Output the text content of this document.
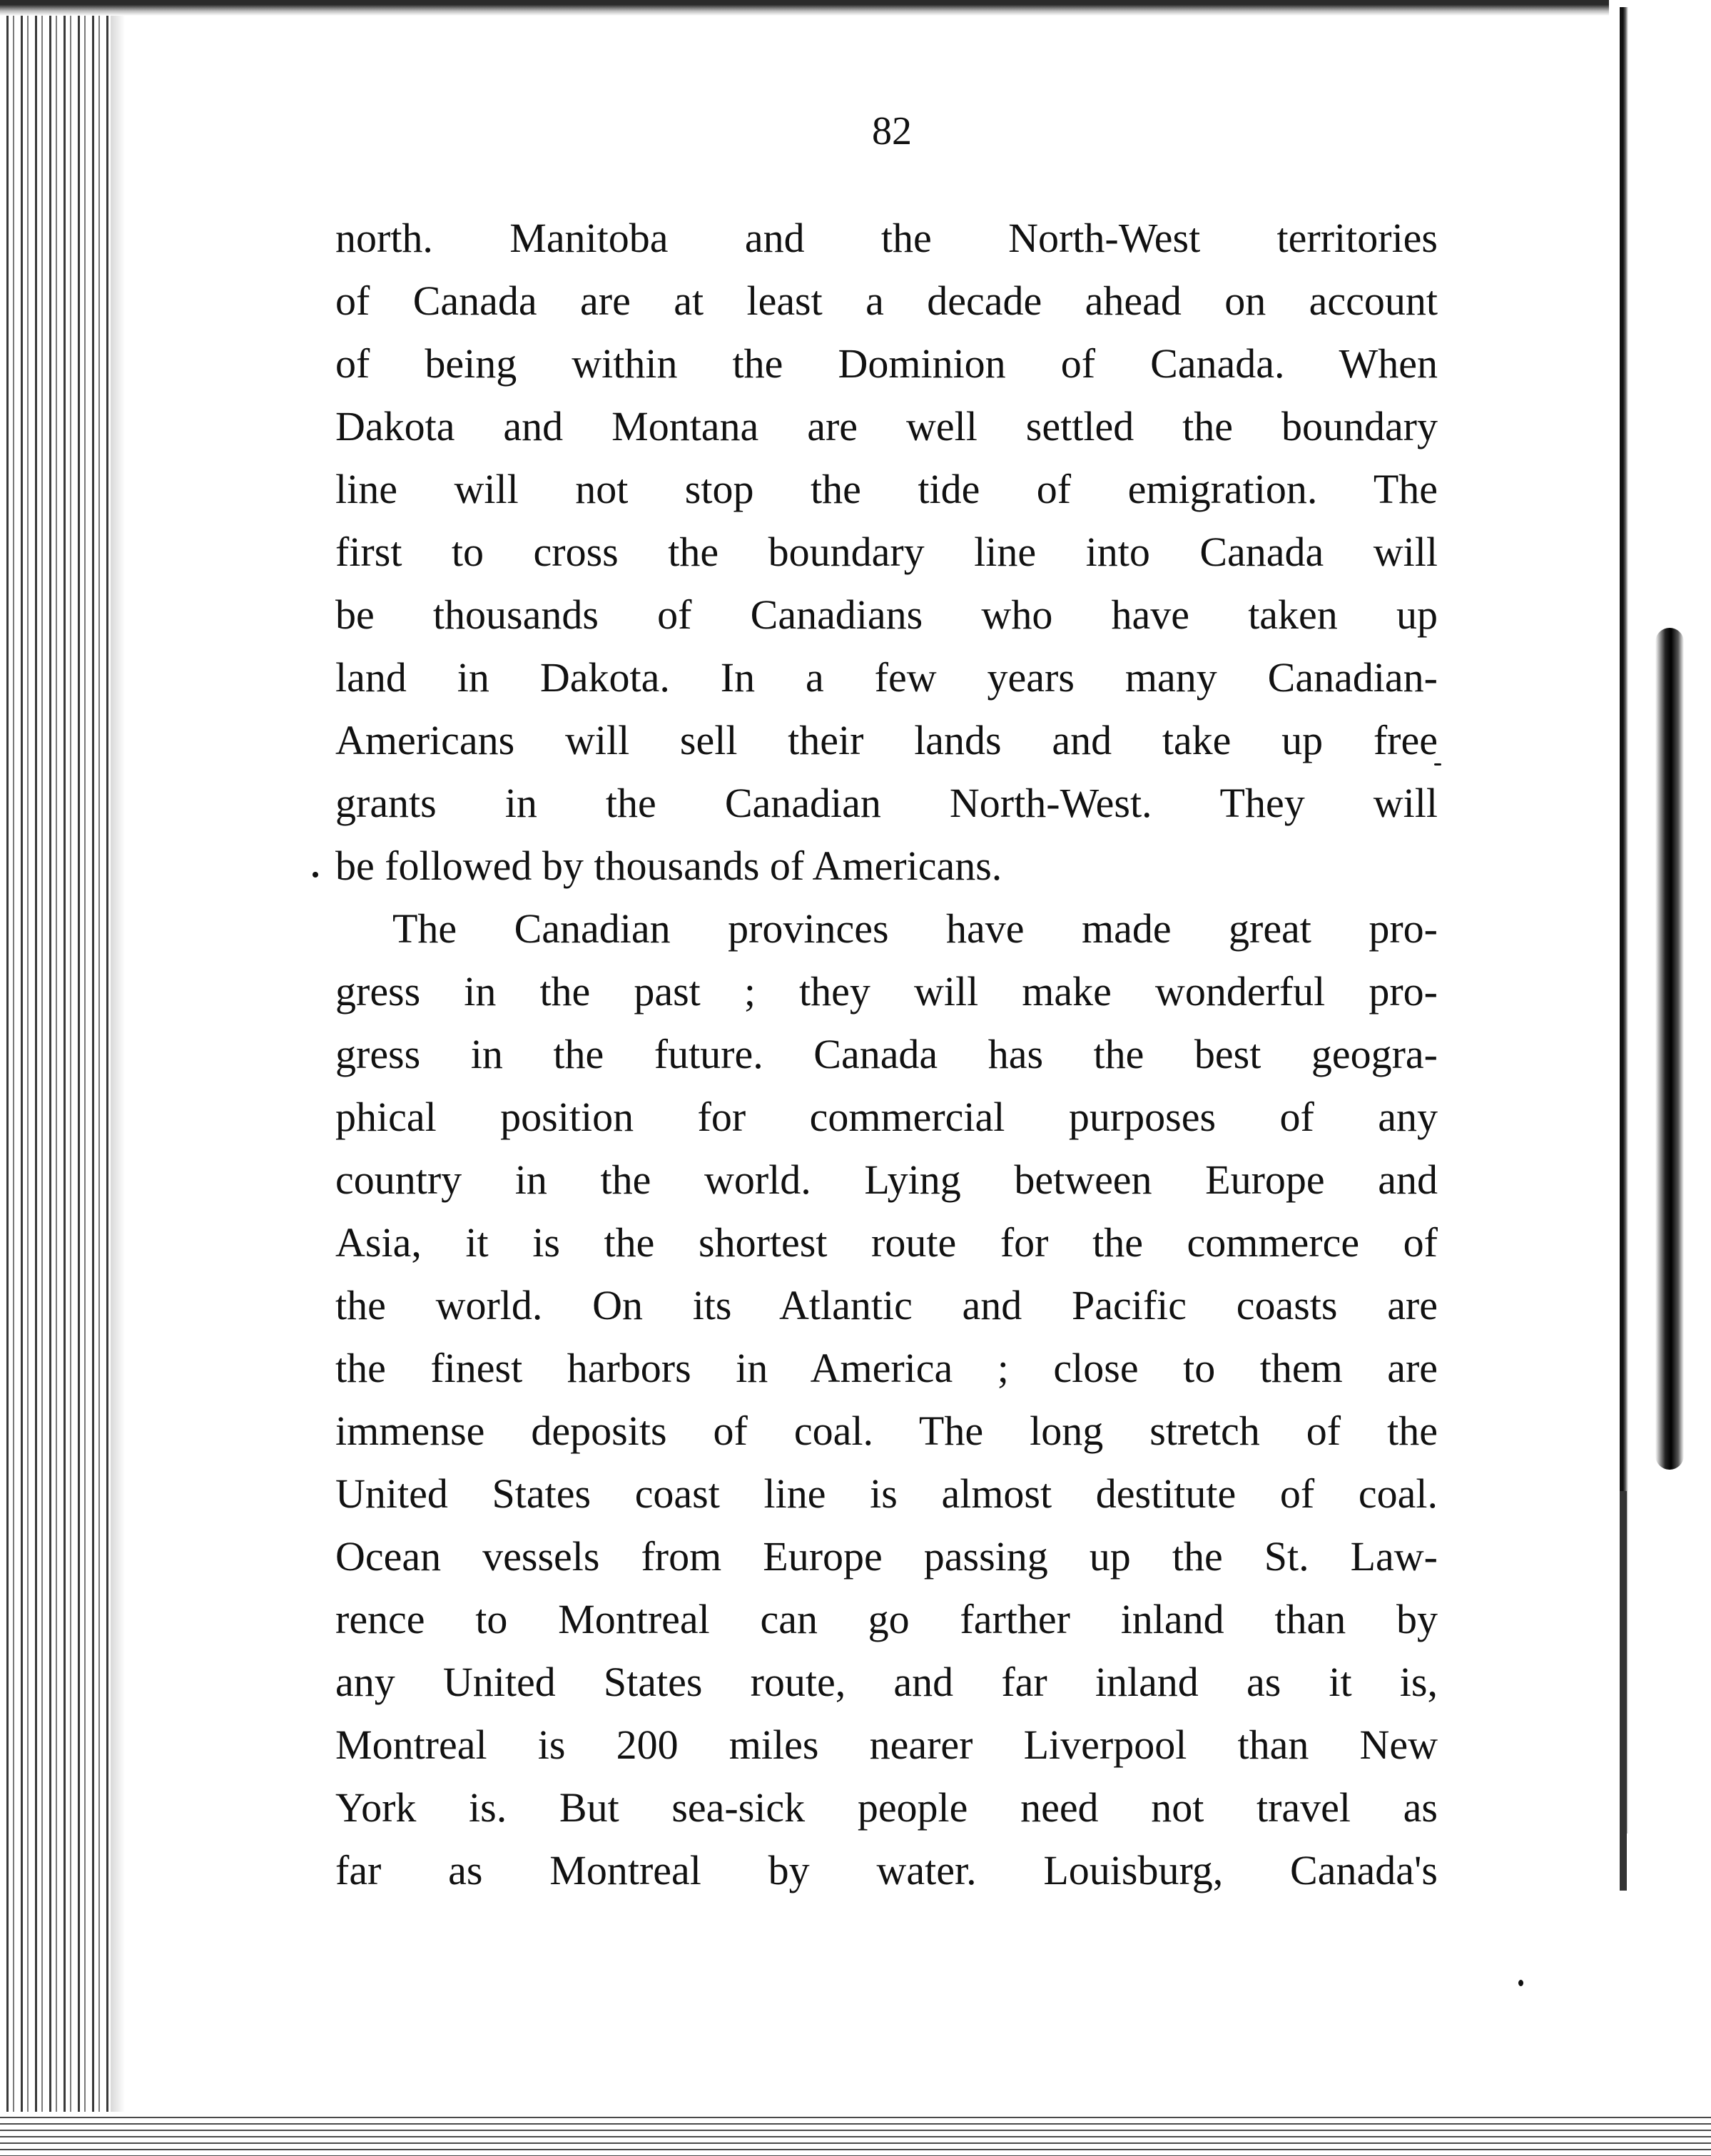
82
north. Manitoba and the North-West territories
of Canada are at least a decade ahead on account
of being within the Dominion of Canada. When
Dakota and Montana are well settled the boundary
line will not stop the tide of emigration. The
first to cross the boundary line into Canada will
be thousands of Canadians who have taken up
land in Dakota. In a few years many Canadian-
Americans will sell their lands and take up free
grants in the Canadian North-West. They will
be followed by thousands of Americans.
The Canadian provinces have made great pro-
gress in the past ; they will make wonderful pro-
gress in the future. Canada has the best geogra-
phical position for commercial purposes of any
country in the world. Lying between Europe and
Asia, it is the shortest route for the commerce of
the world. On its Atlantic and Pacific coasts are
the finest harbors in America ; close to them are
immense deposits of coal. The long stretch of the
United States coast line is almost destitute of coal.
Ocean vessels from Europe passing up the St. Law-
rence to Montreal can go farther inland than by
any United States route, and far inland as it is,
Montreal is 200 miles nearer Liverpool than New
York is. But sea-sick people need not travel as
far as Montreal by water. Louisburg, Canada's
